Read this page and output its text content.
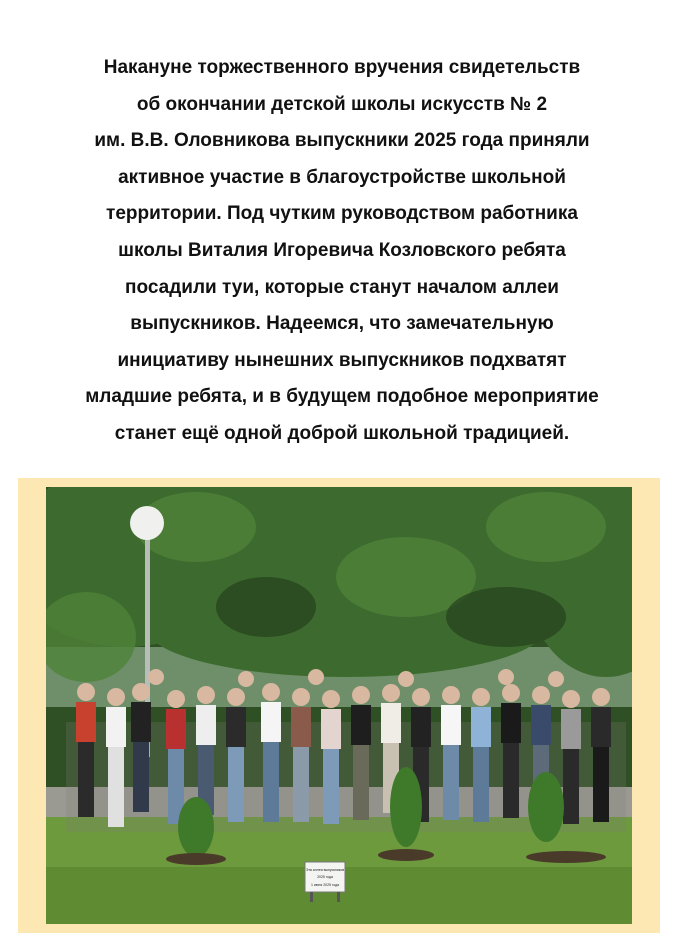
Накануне торжественного вручения свидетельств
об окончании детской школы искусств № 2
им. В.В. Оловникова выпускники 2025 года приняли
активное участие в благоустройстве школьной
территории. Под чутким руководством работника
школы Виталия Игоревича Козловского ребята
посадили туи, которые станут началом аллеи
выпускников. Надеемся, что замечательную
инициативу нынешних выпускников подхватят
младшие ребята, и в будущем подобное мероприятие
станет ещё одной доброй школьной традицией.
Эта аллея выпускников
2025 года
1 июня 2025 года
